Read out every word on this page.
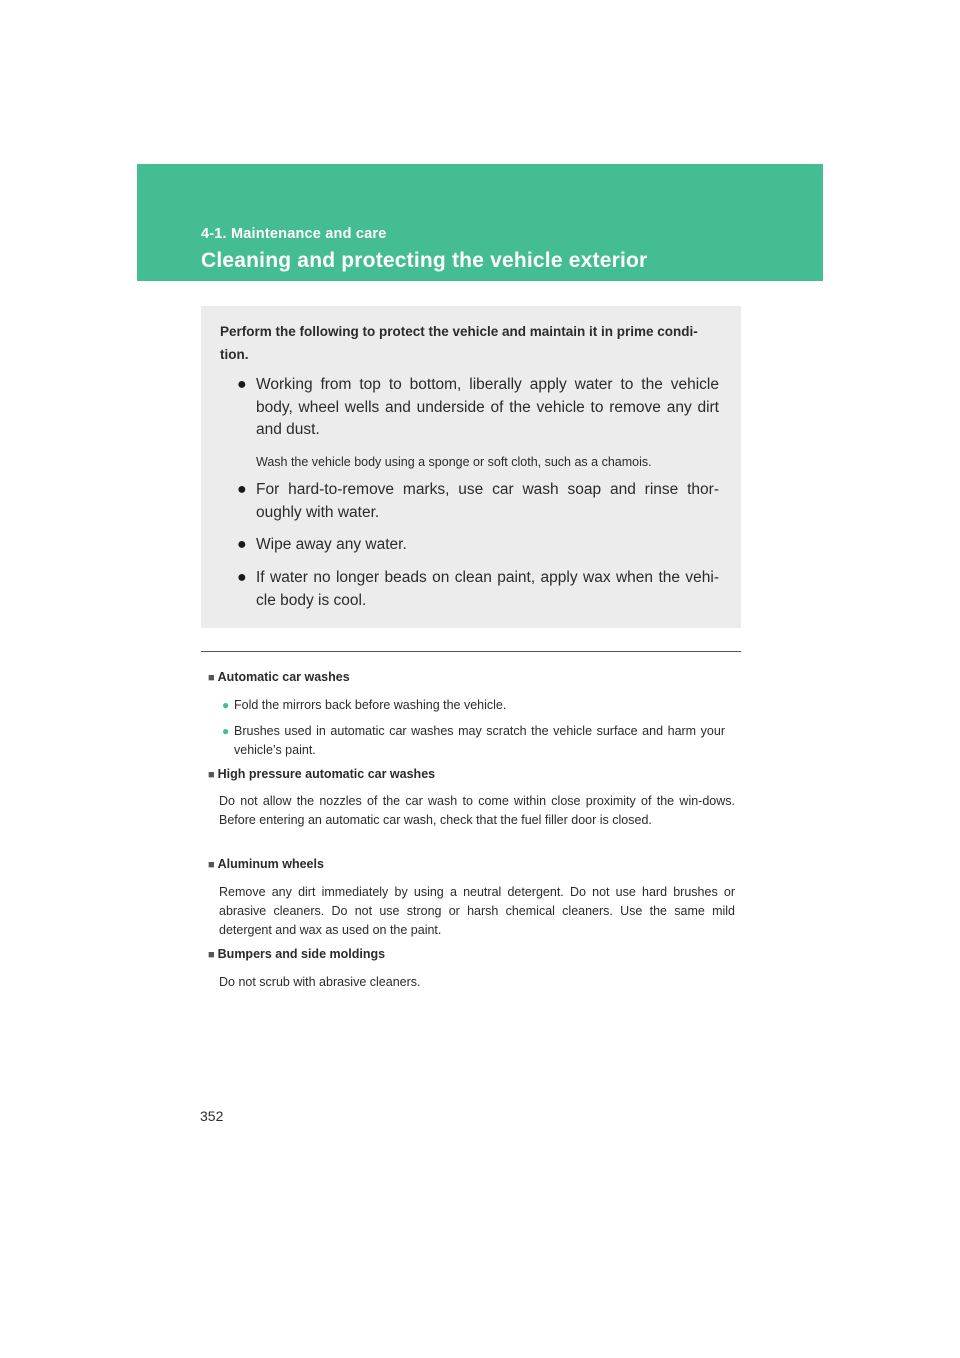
4-1. Maintenance and care
Cleaning and protecting the vehicle exterior
Perform the following to protect the vehicle and maintain it in prime condi-tion.
● Working from top to bottom, liberally apply water to the vehicle body, wheel wells and underside of the vehicle to remove any dirt and dust.
Wash the vehicle body using a sponge or soft cloth, such as a chamois.
● For hard-to-remove marks, use car wash soap and rinse thor-oughly with water.
● Wipe away any water.
● If water no longer beads on clean paint, apply wax when the vehi-cle body is cool.
■ Automatic car washes
● Fold the mirrors back before washing the vehicle.
● Brushes used in automatic car washes may scratch the vehicle surface and harm your vehicle’s paint.
■ High pressure automatic car washes
Do not allow the nozzles of the car wash to come within close proximity of the win-dows. Before entering an automatic car wash, check that the fuel filler door is closed.
■ Aluminum wheels
Remove any dirt immediately by using a neutral detergent. Do not use hard brushes or abrasive cleaners. Do not use strong or harsh chemical cleaners. Use the same mild detergent and wax as used on the paint.
■ Bumpers and side moldings
Do not scrub with abrasive cleaners.
352
